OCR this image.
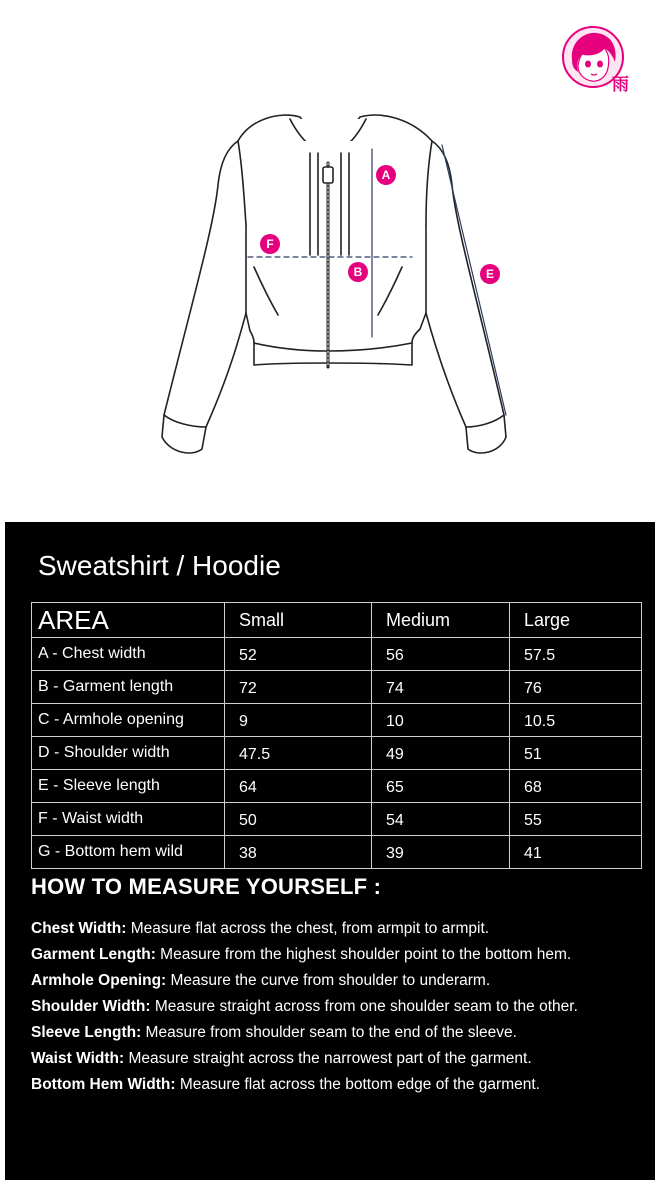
雨
A
F
B	E
Sweatshirt / Hoodie
AREA	Small	Medium	Large
A - Chest width	52	56	57.5
B - Garment length	72	74	76
C - Armhole opening	9	10	10.5
D - Shoulder width	47.5	49	51
E - Sleeve length	64	65	68
F - Waist width	50	54	55
G - Bottom hem wild	38	39	41
HOW TO MEASURE YOURSELF :
Chest Width: Measure flat across the chest, from armpit to armpit.
Garment Length: Measure from the highest shoulder point to the bottom hem.
Armhole Opening: Measure the curve from shoulder to underarm.
Shoulder Width: Measure straight across from one shoulder seam to the other.
Sleeve Length: Measure from shoulder seam to the end of the sleeve.
Waist Width: Measure straight across the narrowest part of the garment.
Bottom Hem Width: Measure flat across the bottom edge of the garment.
